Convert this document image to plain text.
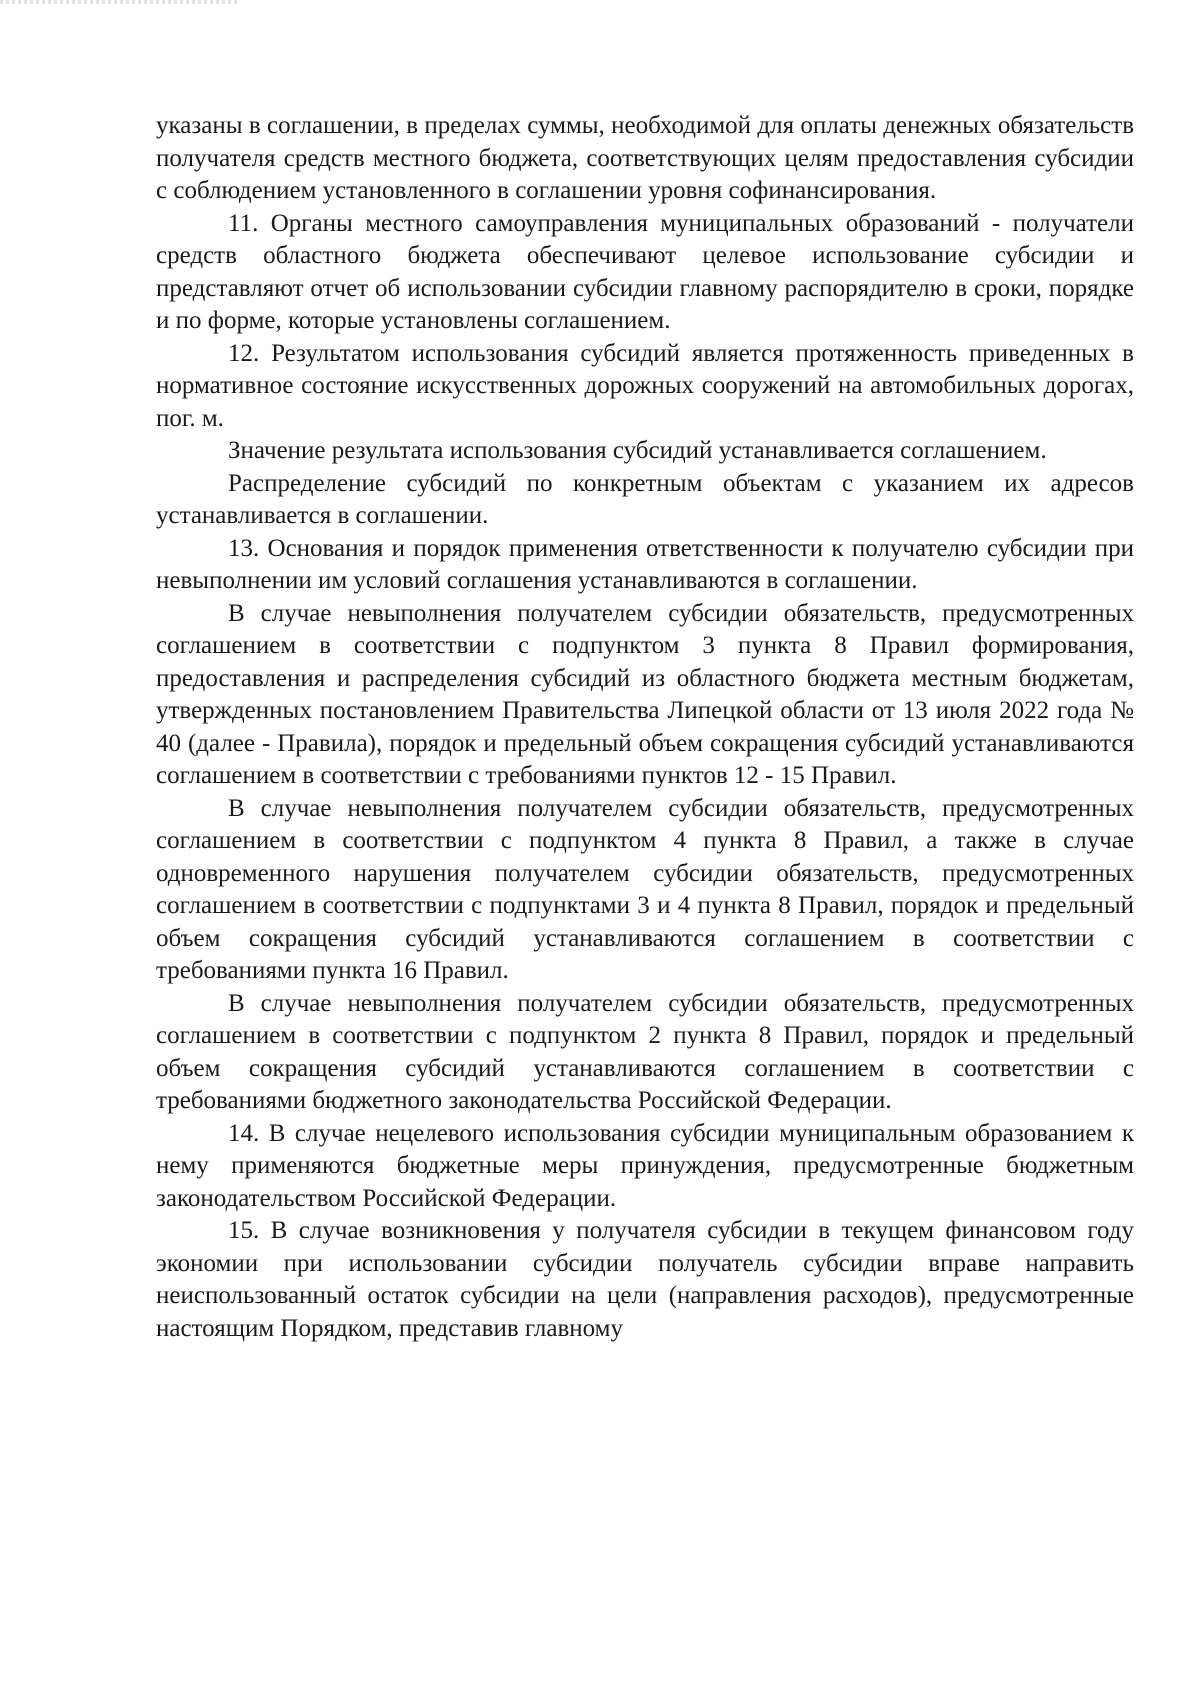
указаны в соглашении, в пределах суммы, необходимой для оплаты денежных обязательств получателя средств местного бюджета, соответствующих целям предоставления субсидии с соблюдением установленного в соглашении уровня софинансирования.

11. Органы местного самоуправления муниципальных образований - получатели средств областного бюджета обеспечивают целевое использование субсидии и представляют отчет об использовании субсидии главному распорядителю в сроки, порядке и по форме, которые установлены соглашением.

12. Результатом использования субсидий является протяженность приведенных в нормативное состояние искусственных дорожных сооружений на автомобильных дорогах, пог. м.

Значение результата использования субсидий устанавливается соглашением.

Распределение субсидий по конкретным объектам с указанием их адресов устанавливается в соглашении.

13. Основания и порядок применения ответственности к получателю субсидии при невыполнении им условий соглашения устанавливаются в соглашении.

В случае невыполнения получателем субсидии обязательств, предусмотренных соглашением в соответствии с подпунктом 3 пункта 8 Правил формирования, предоставления и распределения субсидий из областного бюджета местным бюджетам, утвержденных постановлением Правительства Липецкой области от 13 июля 2022 года № 40 (далее - Правила), порядок и предельный объем сокращения субсидий устанавливаются соглашением в соответствии с требованиями пунктов 12 - 15 Правил.

В случае невыполнения получателем субсидии обязательств, предусмотренных соглашением в соответствии с подпунктом 4 пункта 8 Правил, а также в случае одновременного нарушения получателем субсидии обязательств, предусмотренных соглашением в соответствии с подпунктами 3 и 4 пункта 8 Правил, порядок и предельный объем сокращения субсидий устанавливаются соглашением в соответствии с требованиями пункта 16 Правил.

В случае невыполнения получателем субсидии обязательств, предусмотренных соглашением в соответствии с подпунктом 2 пункта 8 Правил, порядок и предельный объем сокращения субсидий устанавливаются соглашением в соответствии с требованиями бюджетного законодательства Российской Федерации.

14. В случае нецелевого использования субсидии муниципальным образованием к нему применяются бюджетные меры принуждения, предусмотренные бюджетным законодательством Российской Федерации.

15. В случае возникновения у получателя субсидии в текущем финансовом году экономии при использовании субсидии получатель субсидии вправе направить неиспользованный остаток субсидии на цели (направления расходов), предусмотренные настоящим Порядком, представив главному
